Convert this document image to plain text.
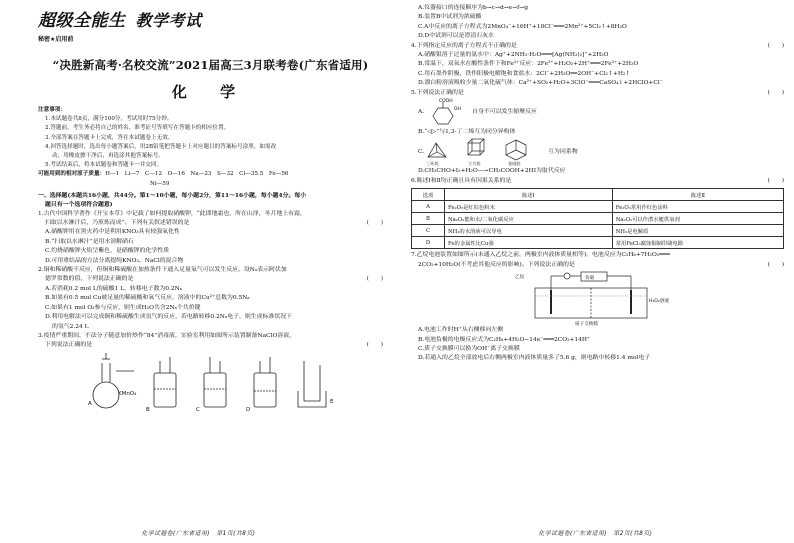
超级全能生 教学考试
秘密★启用前
“决胜新高考·名校交流”2021届高三3月联考卷(广东省适用)
化 学
注意事项：
1.本试题卷共8页，满分100分，考试用时75分钟。
2.答题前，考生务必将自己的姓名、准考证号等填写在答题卡的相应位置。
3.全部答案在答题卡上完成，答在本试题卷上无效。
4.回答选择题时，选出每小题答案后，用2B铅笔把答题卡上对应题目的答案标号涂黑。如需改
动，用橡皮擦干净后，再选涂其他答案标号。
5.考试结束后，将本试题卷和答题卡一并交回。
可能用到的相对原子质量：H—1　Li—7　C—12　O—16　Na—23　S—32　Cl—35.5　Fe—56
Ni—59
一、选择题(本题共16小题，共44分。第1～10小题，每小题2分，第11～16小题，每小题4分。每小
题只有一个选项符合题意)
1.古代中国科学著作《开宝本草》中记载了如何提取硝酸钾，“此即地霜也，所在山泽，冬月地上有霜，
扫取以水淋汁后，乃煎炼而成”。下列有关叙述错误的是	(　　)
A.硝酸钾用在黑火药中是利用KNO₃具有较强氧化性
B.“扫取以水淋汁”是用水溶解硝石
C.灼烧硝酸钾火焰呈紫色，是硝酸钾的化学性质
D.可用重结晶的方法分离提纯KNO₃、NaCl的混合物
2.铜和稀硝酸不反应，但铜和稀硫酸在加热条件下通入足量氧气可以发生反应。设Nₐ表示阿伏加
德罗常数的值，下列说法正确的是	(　　)
A.若消耗0.2 mol L的硫酸1 L，转移电子数为0.2Nₐ
B.如果有0.5 mol Cu被足量的稀硫酸和氧气反应，溶液中的Cu²⁺总数为0.5Nₐ
C.如果有1 mol O₂参与反应，则生成H₂O共含2Nₐ个共价键
D.利用电解法可以完成铜和稀硫酸生成氢气的反应，若电路转移0.2Nₐ电子，则生成标准状况下
的氢气2.24 L
3.疫情严重期间，不法分子随意加价炒作“84”消毒液，实验室利用如图所示装置制备NaClO溶液，
下列说法正确的是	(　　)
A
KMnO₄
B	C	D
E
化学试题卷(广东省适用)　第1页(共8页)
A.仪器接口的连接顺序为b→c→d→e→f→g
B.装置B中试剂为浓硫酸
C.A中反应的离子方程式为2MnO₄⁻+16H⁺+10Cl⁻═══2Mn²⁺+5Cl₂↑+8H₂O
D.D中试剂可以是澄清石灰水
4.下列指定反应的离子方程式不正确的是	(　　)
A.硝酸银溶于过量的氨水中：Ag⁺+2NH₃·H₂O═══[Ag(NH₃)₂]⁺+2H₂O
B.常温下，双氧水在酸性条件下和Fe²⁺反应：2Fe²⁺+H₂O₂+2H⁺═══2Fe³⁺+2H₂O
C.用石墨作阴极，铁作阳极电解饱和食盐水：2Cl⁻+2H₂O══2OH⁻+Cl₂↑+H₂↑
D.漂白粉溶液吸收少量二氧化硫气体：Ca²⁺+SO₂+H₂O+3ClO⁻═══CaSO₄↓+2HClO+Cl⁻
5.下列说法正确的是	(　　)
A.
COOH
OH 自身不可以发生缩聚反应
B.“◁▷”与1,3-丁二烯互为同分异构体
C.
三环烷	立方烷	金刚烷
互为同系物
D.CH₃CHO+I₂+H₂O—→CH₃COOH+2HI为取代反应
6.陈述Ⅰ和Ⅱ均正确且具有因果关系的是	(　　)
选项	陈述Ⅰ	陈述Ⅱ
A	Fe₂O₃是红棕色粉末	Fe₂O₃常用作红色涂料
B	Na₂O₂能和水/二氧化碳反应	Na₂O₂可以作潜水艇供氧剂
C	NH₃的水溶液可以导电	NH₃是电解质
D	Fe的金属性比Cu强	常用FeCl₃腐蚀铜制印刷电路
7.乙烷电池装置如图所示(未通入乙烷之前，两极室内液体质量相等)，电池反应为C₂H₆+7H₂O₂═══
2CO₂+10H₂O(不考虑其他反应的影响)。下列说法正确的是	(　　)
乙烷	负载
H₂O₂溶液
质子交换膜
A.电池工作时H⁺从右侧移向左侧
B.电池负极的电极反应式为C₂H₆+4H₂O−14e⁻═══2CO₂+14H⁺
C.质子交换膜可以换为OH⁻离子交换膜
D.若通入的乙烷全部放电后右侧两极室内液体质量多了5.6 g，则电路中转移1.4 mol电子
化学试题卷(广东省适用)　第2页(共8页)
